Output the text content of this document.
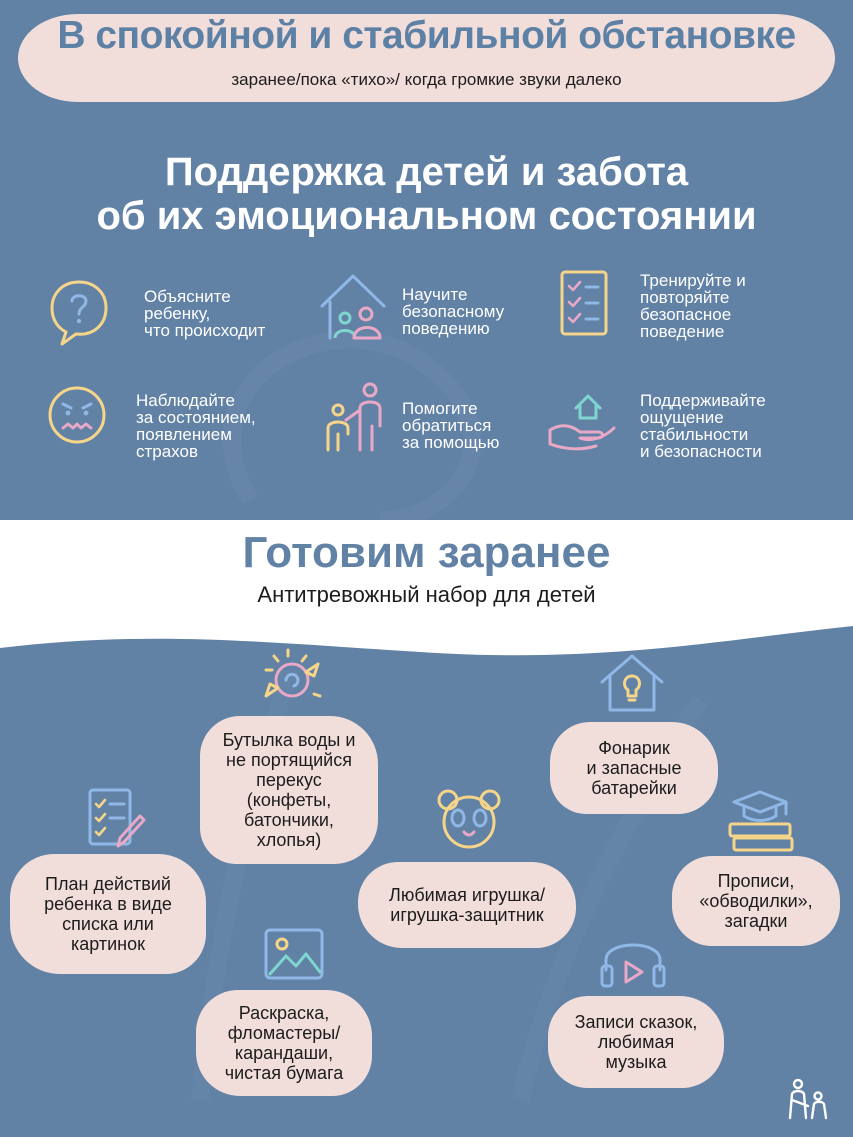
В спокойной и стабильной обстановке
заранее/пока «тихо»/ когда громкие звуки далеко
Поддержка детей и забота
об их эмоциональном состоянии
Объясните
ребенку,
что происходит
Научите
безопасному
поведению
Тренируйте и
повторяйте
безопасное
поведение
Наблюдайте
за состоянием,
появлением
страхов
Помогите
обратиться
за помощью
Поддерживайте
ощущение
стабильности
и безопасности
Готовим заранее
Антитревожный набор для детей
Бутылка воды и
не портящийся
перекус
(конфеты,
батончики,
хлопья)
Фонарик
и запасные
батарейки
План действий
ребенка в виде
списка или
картинок
Любимая игрушка/
игрушка-защитник
Прописи,
«обводилки»,
загадки
Раскраска,
фломастеры/
карандаши,
чистая бумага
Записи сказок,
любимая
музыка
